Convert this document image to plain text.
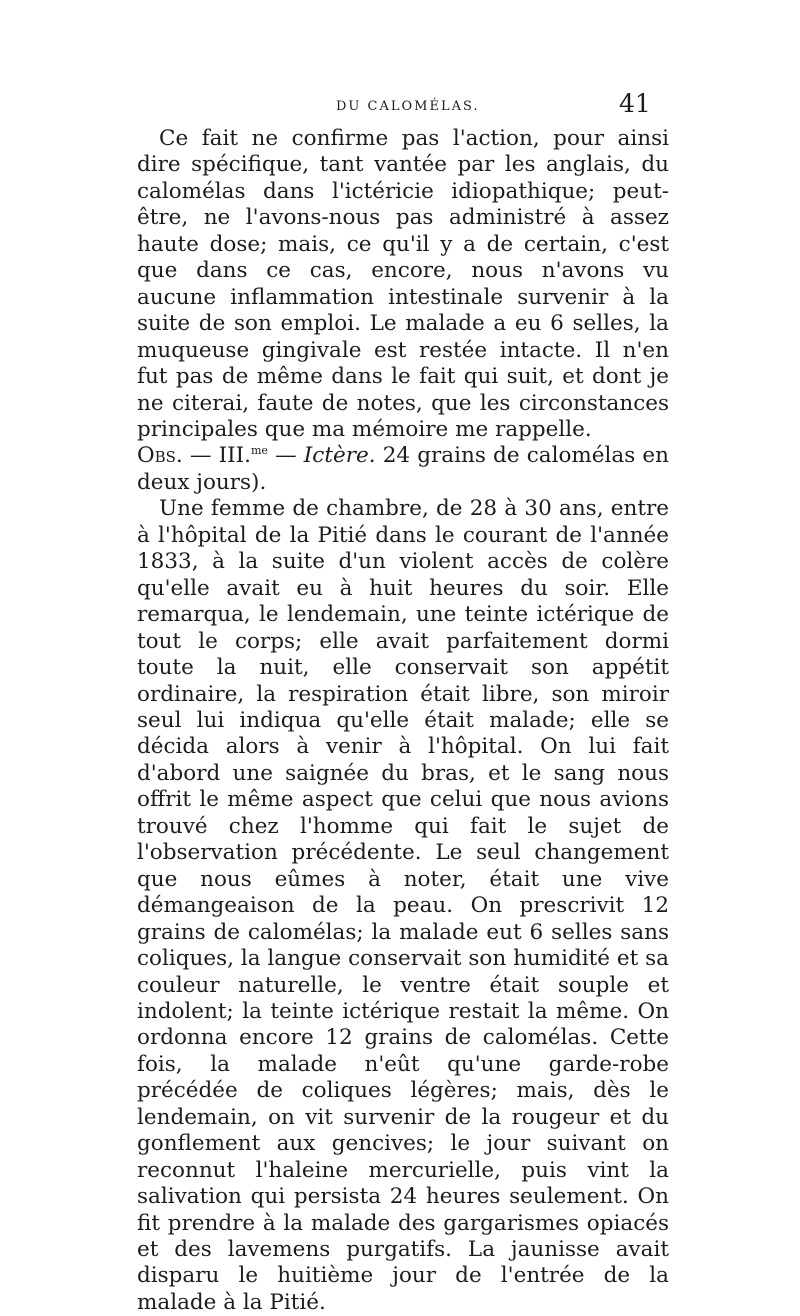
DU CALOMÉLAS.	41

Ce fait ne confirme pas l'action, pour ainsi dire spécifique, tant vantée par les anglais, du calomélas dans l'ictéricie idiopathique; peut-être, ne l'avons-nous pas administré à assez haute dose; mais, ce qu'il y a de certain, c'est que dans ce cas, encore, nous n'avons vu aucune inflammation intestinale survenir à la suite de son emploi. Le malade a eu 6 selles, la muqueuse gingivale est restée intacte. Il n'en fut pas de même dans le fait qui suit, et dont je ne citerai, faute de notes, que les circonstances principales que ma mémoire me rappelle.

Obs. — III.$^{me}$ — Ictère. 24 grains de calomélas en deux jours).

Une femme de chambre, de 28 à 30 ans, entre à l'hôpital de la Pitié dans le courant de l'année 1833, à la suite d'un violent accès de colère qu'elle avait eu à huit heures du soir. Elle remarqua, le lendemain, une teinte ictérique de tout le corps; elle avait parfaitement dormi toute la nuit, elle conservait son appétit ordinaire, la respiration était libre, son miroir seul lui indiqua qu'elle était malade; elle se décida alors à venir à l'hôpital. On lui fait d'abord une saignée du bras, et le sang nous offrit le même aspect que celui que nous avions trouvé chez l'homme qui fait le sujet de l'observation précédente. Le seul changement que nous eûmes à noter, était une vive démangeaison de la peau. On prescrivit 12 grains de calomélas; la malade eut 6 selles sans coliques, la langue conservait son humidité et sa couleur naturelle, le ventre était souple et indolent; la teinte ictérique restait la même. On ordonna encore 12 grains de calomélas. Cette fois, la malade n'eût qu'une garde-robe précédée de coliques légères; mais, dès le lendemain, on vit survenir de la rougeur et du gonflement aux gencives; le jour suivant on reconnut l'haleine mercurielle, puis vint la salivation qui persista 24 heures seulement. On fit prendre à la malade des gargarismes opiacés et des lavemens purgatifs. La jaunisse avait disparu le huitième jour de l'entrée de la malade à la Pitié.
